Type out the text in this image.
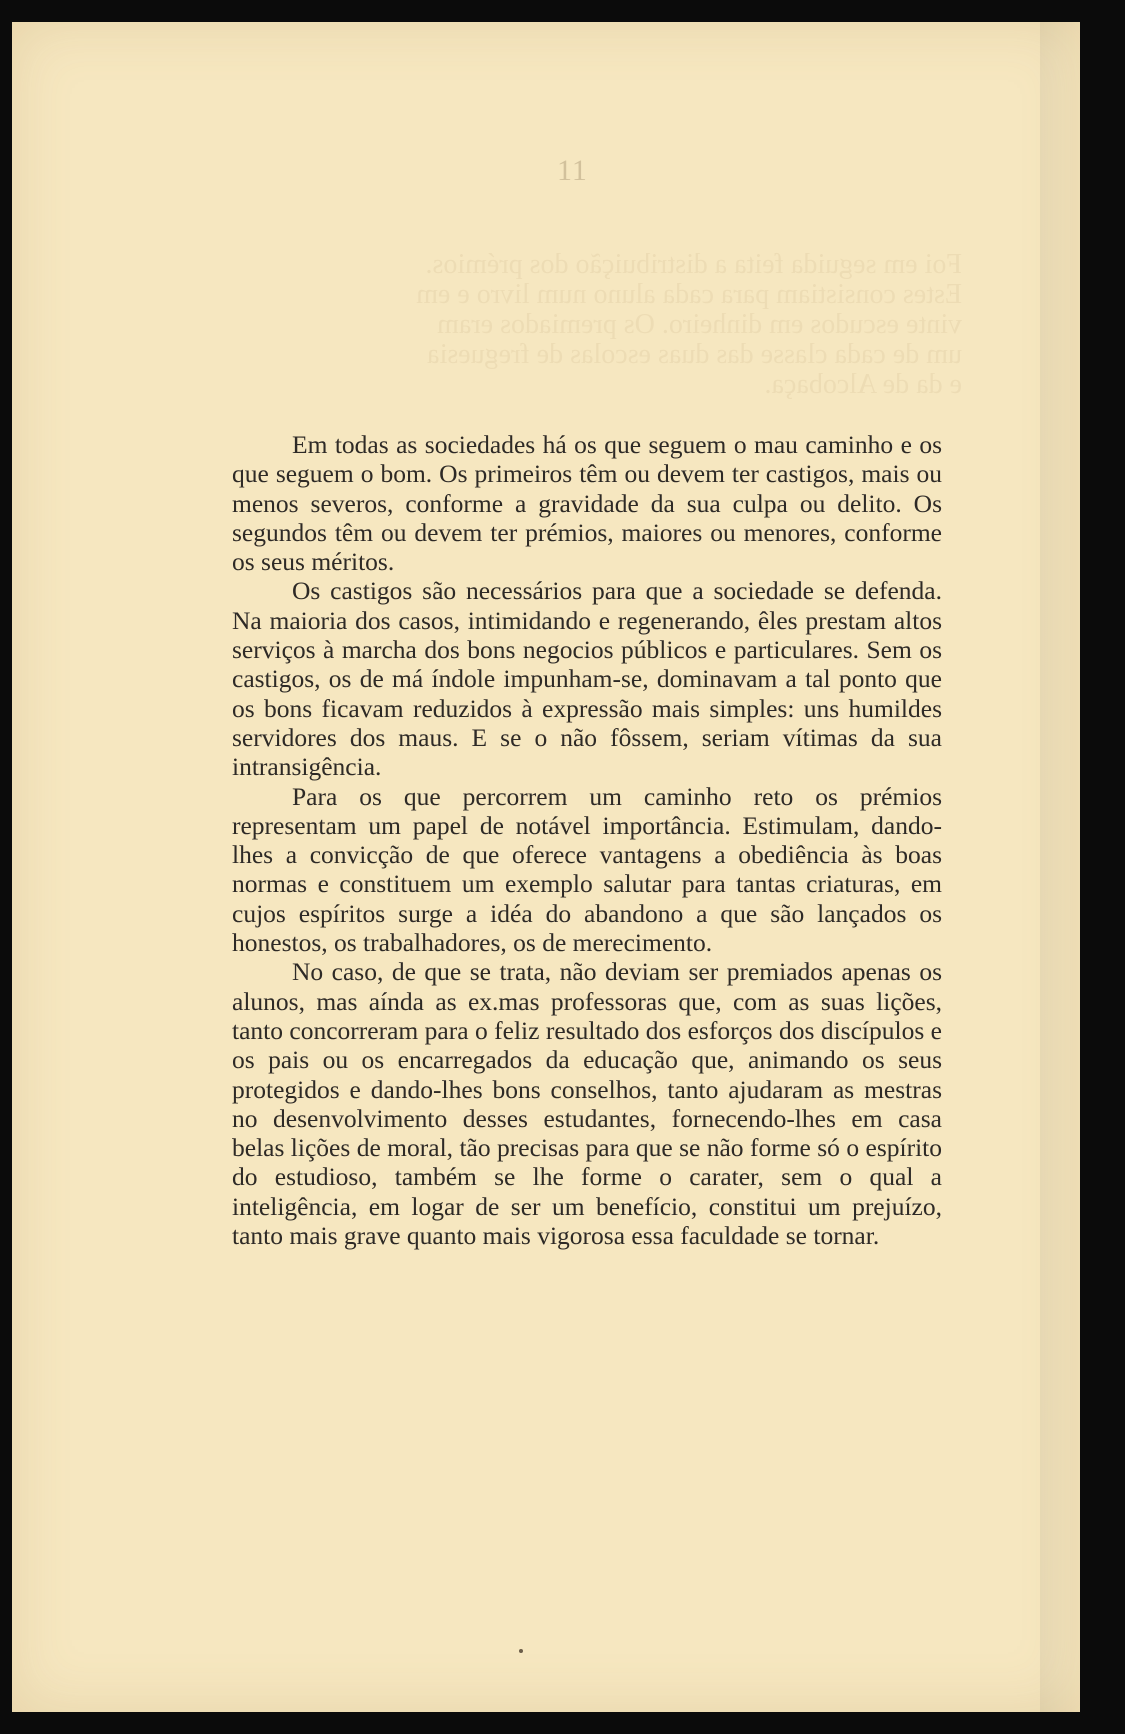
11
Foi em seguida feita a distribuição dos prémios.
Estes consistiam para cada aluno num livro e em
vinte escudos em dinheiro. Os premiados eram
um de cada classe das duas escolas de freguesia
e da de Alcobaça.

Em todas as sociedades há os que seguem o mau caminho e os que seguem o bom. Os primeiros têm ou devem ter castigos, mais ou menos severos, conforme a gravidade da sua culpa ou delito. Os segundos têm ou devem ter prémios, maiores ou menores, conforme os seus méritos.

Os castigos são necessários para que a sociedade se defenda. Na maioria dos casos, intimidando e regenerando, êles prestam altos serviços à marcha dos bons negocios públicos e particulares. Sem os castigos, os de má índole impunham-se, dominavam a tal ponto que os bons ficavam reduzidos à expressão mais simples: uns humildes servidores dos maus. E se o não fôssem, seriam vítimas da sua intransigência.

Para os que percorrem um caminho reto os prémios representam um papel de notável importância. Estimulam, dando-lhes a convicção de que oferece vantagens a obediência às boas normas e constituem um exemplo salutar para tantas criaturas, em cujos espíritos surge a idéa do abandono a que são lançados os honestos, os trabalhadores, os de merecimento.

No caso, de que se trata, não deviam ser premiados apenas os alunos, mas aínda as ex.mas professoras que, com as suas lições, tanto concorreram para o feliz resultado dos esforços dos discípulos e os pais ou os encarregados da educação que, animando os seus protegidos e dando-lhes bons conselhos, tanto ajudaram as mestras no desenvolvimento desses estudantes, fornecendo-lhes em casa belas lições de moral, tão precisas para que se não forme só o espírito do estudioso, também se lhe forme o carater, sem o qual a inteligência, em logar de ser um benefício, constitui um prejuízo, tanto mais grave quanto mais vigorosa essa faculdade se tornar.
